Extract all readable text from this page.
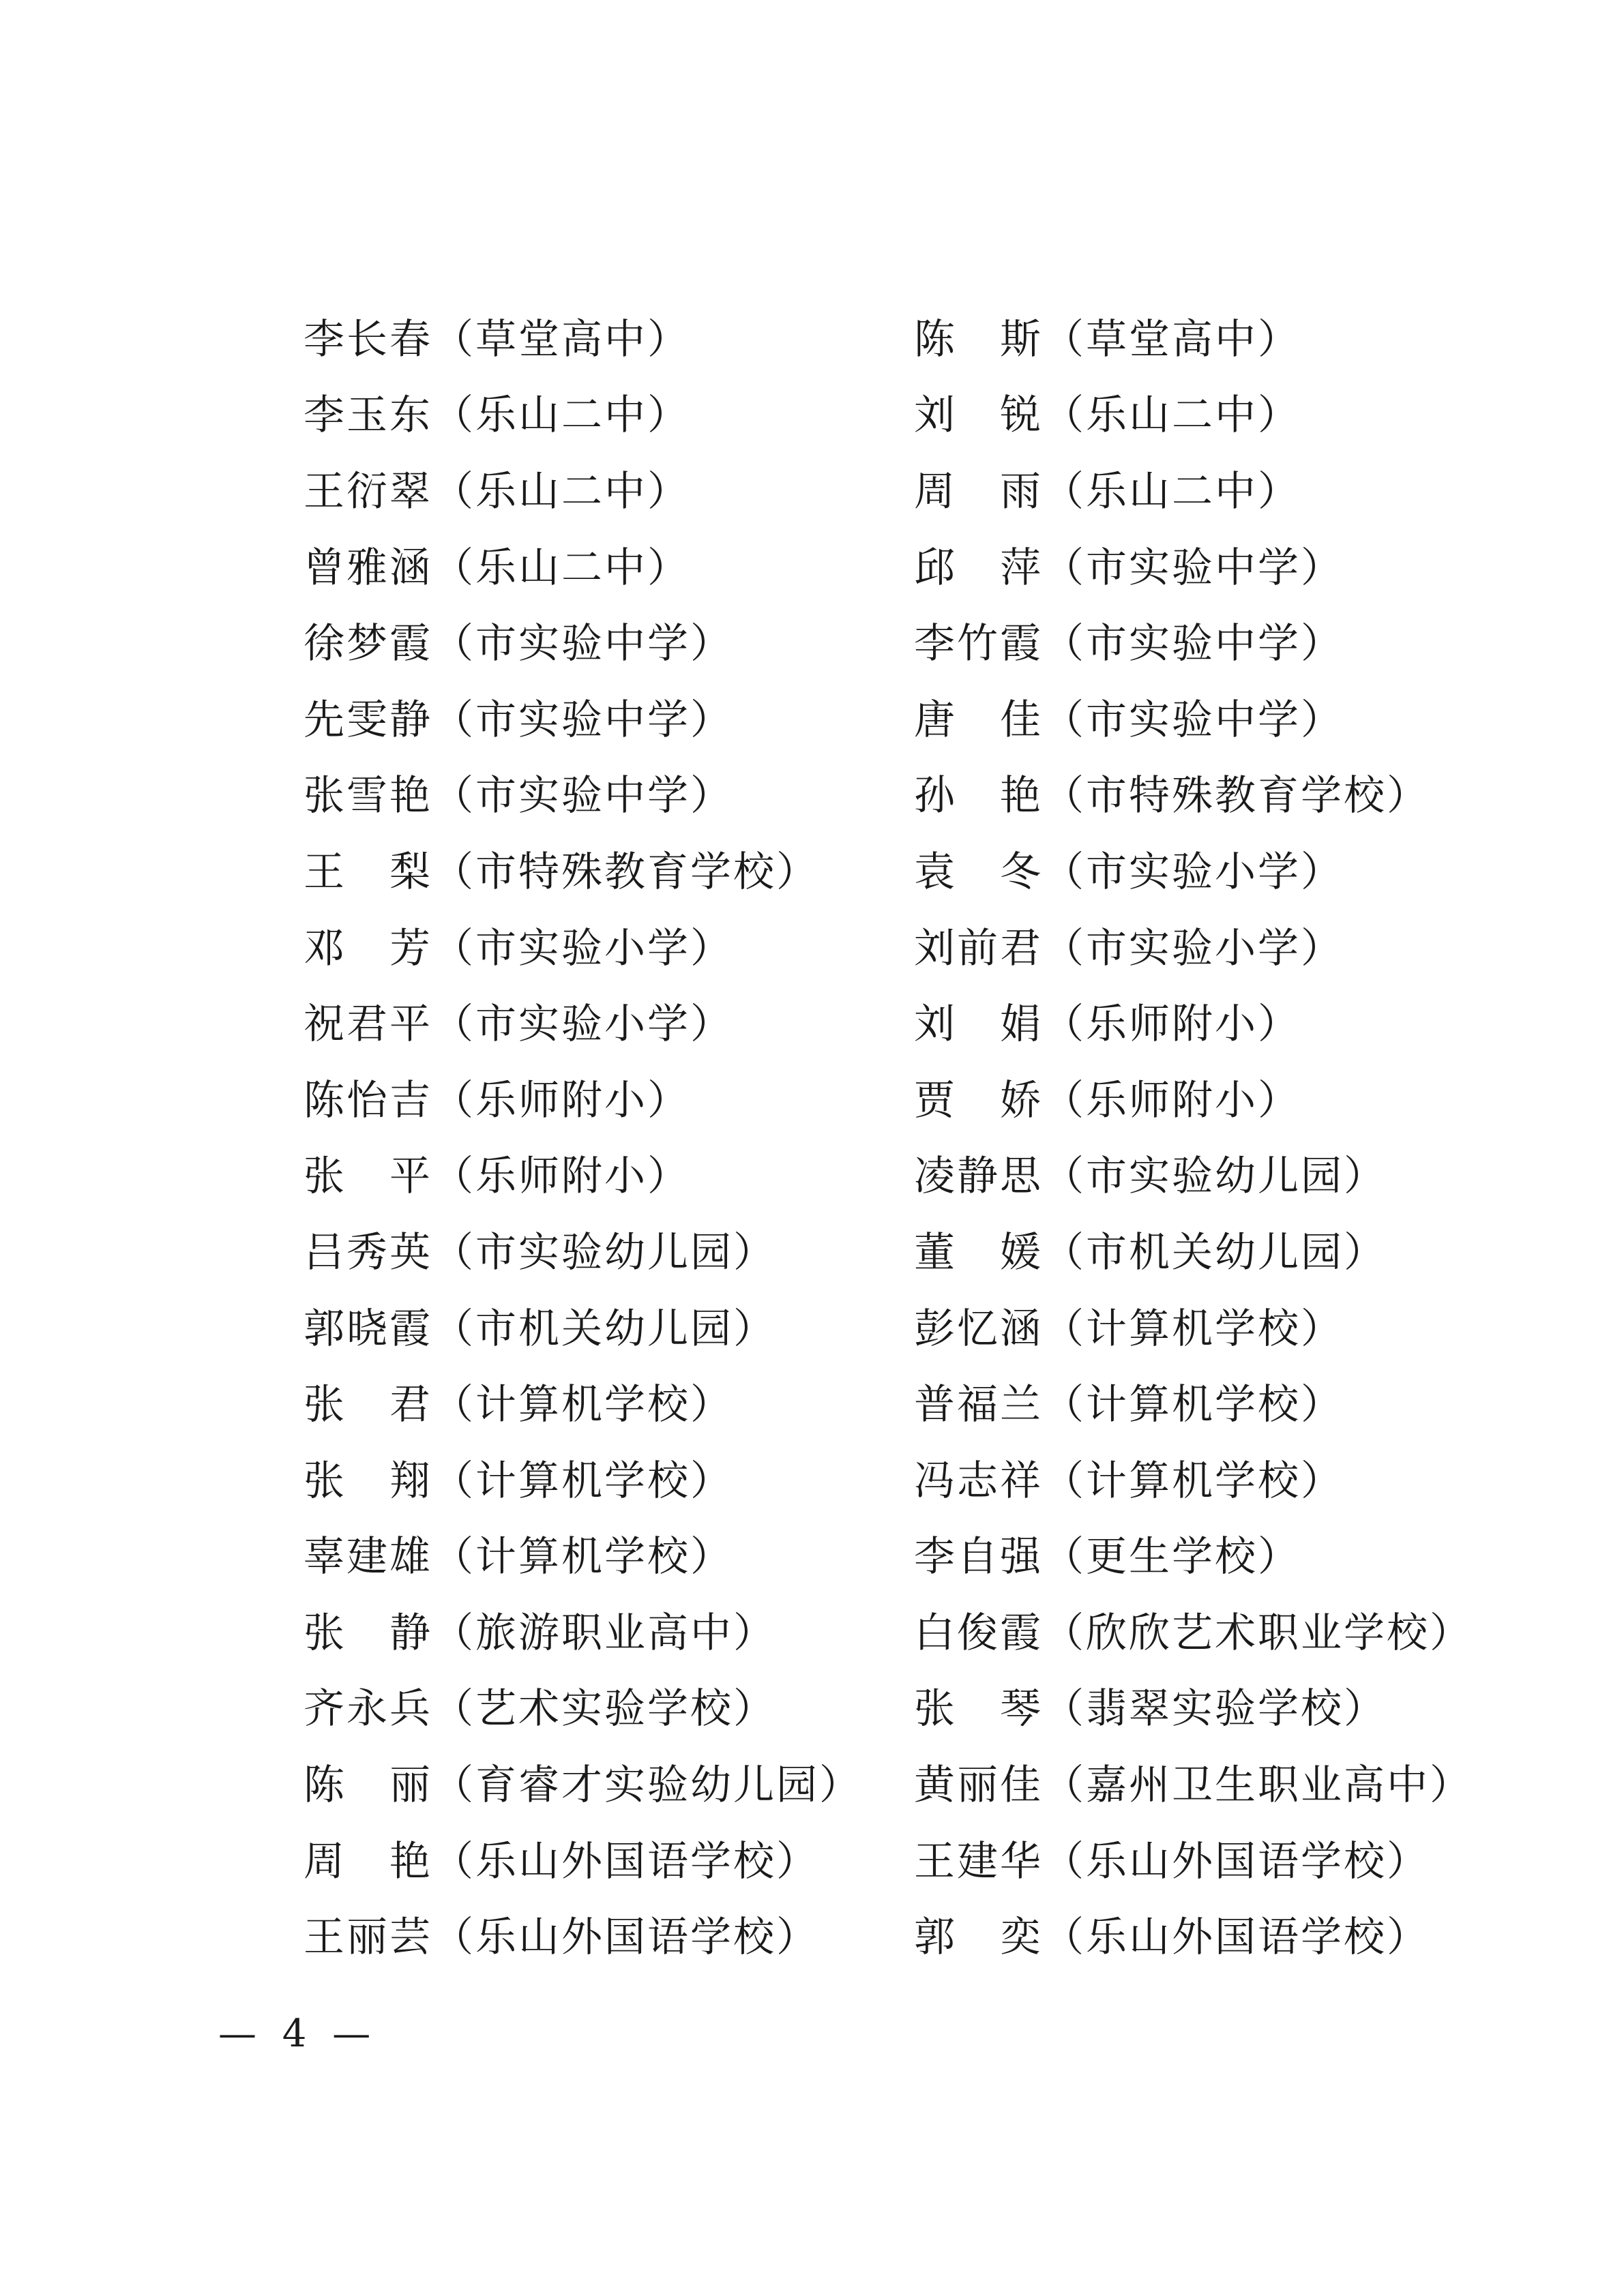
李长春（草堂高中）	陈　斯（草堂高中）
李玉东（乐山二中）	刘　锐（乐山二中）
王衍翠（乐山二中）	周　雨（乐山二中）
曾雅涵（乐山二中）	邱　萍（市实验中学）
徐梦霞（市实验中学）	李竹霞（市实验中学）
先雯静（市实验中学）	唐　佳（市实验中学）
张雪艳（市实验中学）	孙　艳（市特殊教育学校）
王　梨（市特殊教育学校）	袁　冬（市实验小学）
邓　芳（市实验小学）	刘前君（市实验小学）
祝君平（市实验小学）	刘　娟（乐师附小）
陈怡吉（乐师附小）	贾　娇（乐师附小）
张　平（乐师附小）	凌静思（市实验幼儿园）
吕秀英（市实验幼儿园）	董　媛（市机关幼儿园）
郭晓霞（市机关幼儿园）	彭忆涵（计算机学校）
张　君（计算机学校）	普福兰（计算机学校）
张　翔（计算机学校）	冯志祥（计算机学校）
辜建雄（计算机学校）	李自强（更生学校）
张　静（旅游职业高中）	白俊霞（欣欣艺术职业学校）
齐永兵（艺术实验学校）	张　琴（翡翠实验学校）
陈　丽（育睿才实验幼儿园）	黄丽佳（嘉州卫生职业高中）
周　艳（乐山外国语学校）	王建华（乐山外国语学校）
王丽芸（乐山外国语学校）	郭　奕（乐山外国语学校）
— 4 —
